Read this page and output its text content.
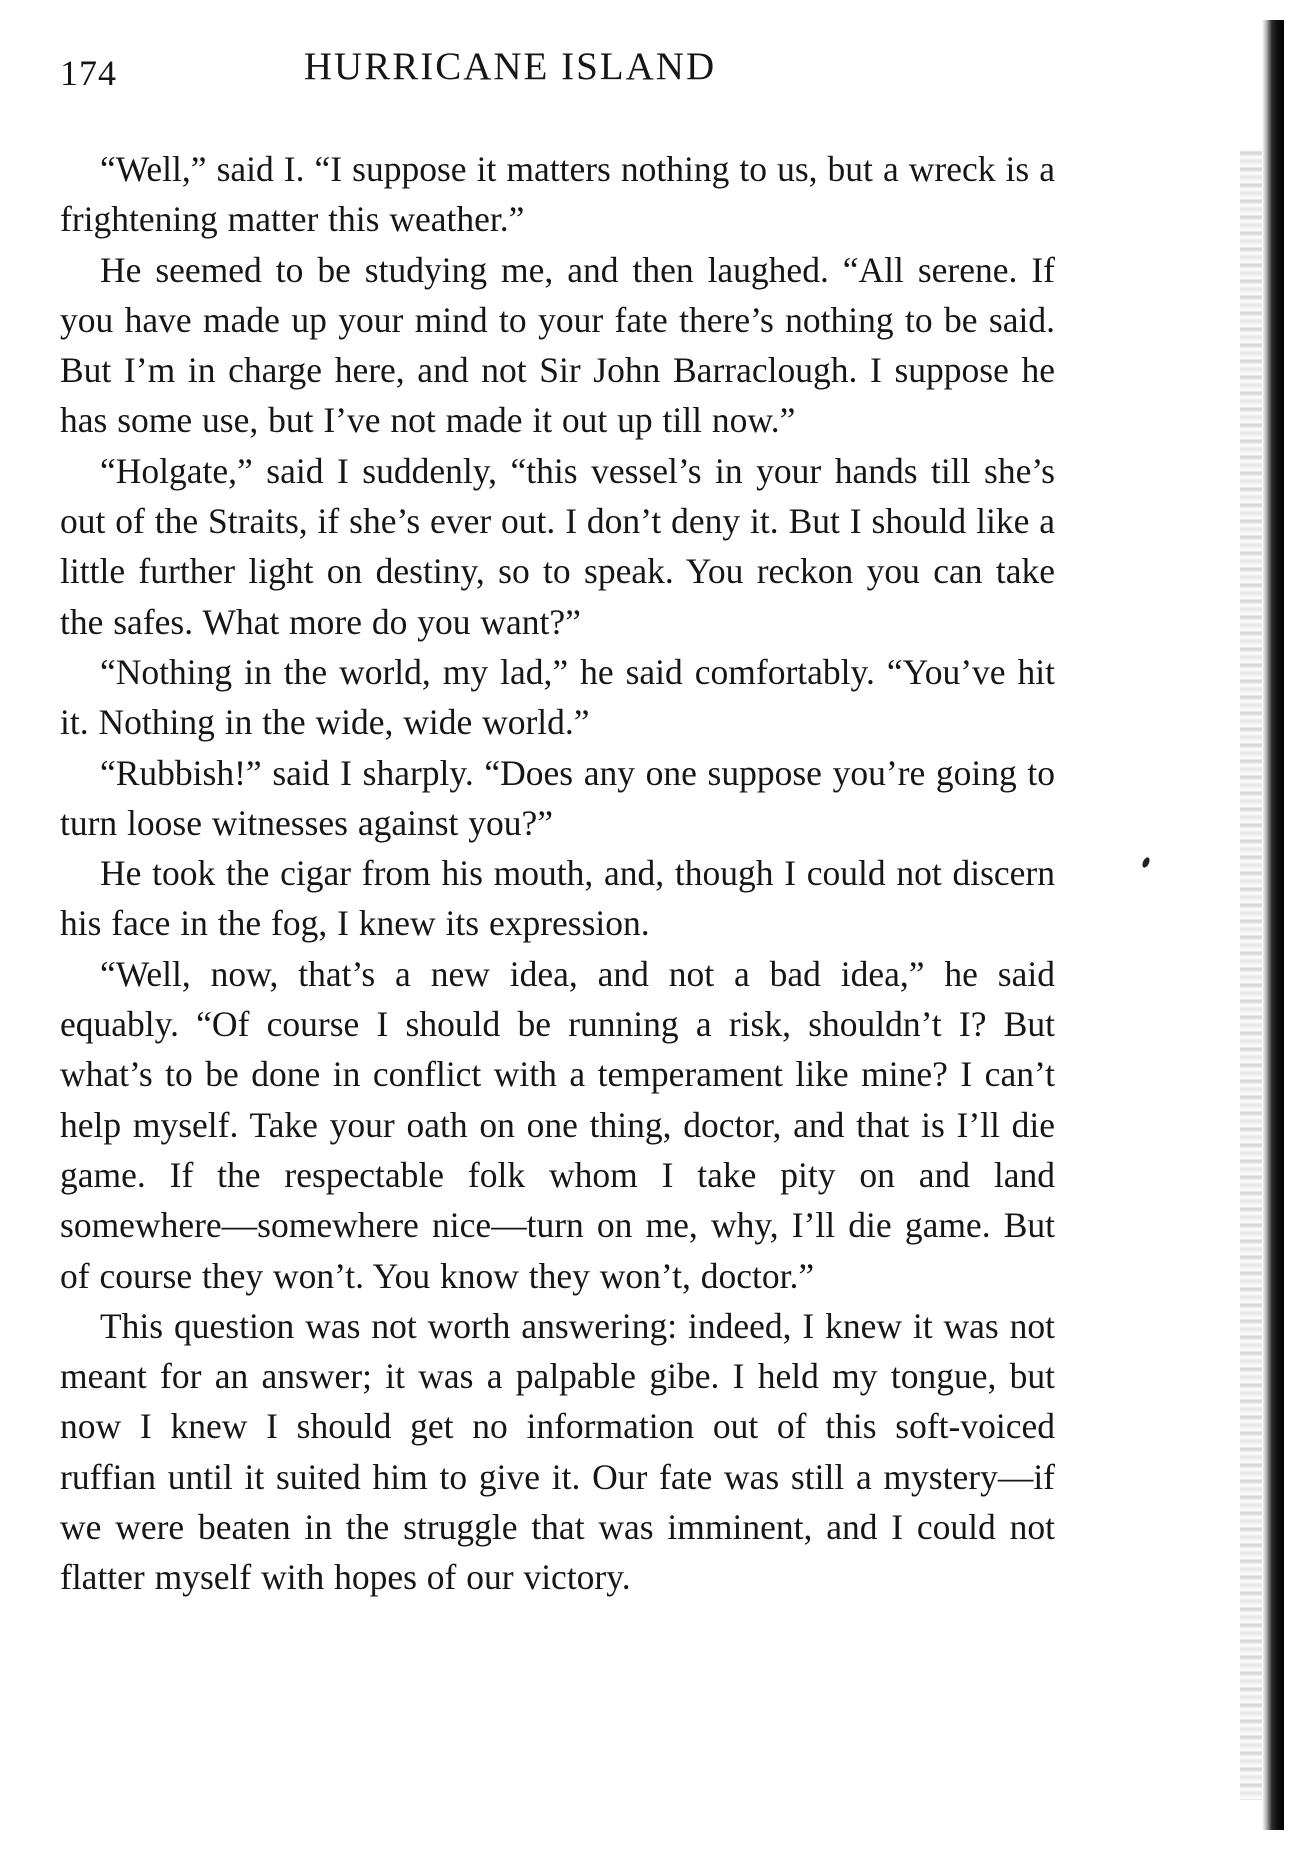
174	HURRICANE ISLAND

“Well,” said I. “I suppose it matters nothing to us, but a wreck is a frightening matter this weather.”

He seemed to be studying me, and then laughed. “All serene. If you have made up your mind to your fate there’s nothing to be said. But I’m in charge here, and not Sir John Barraclough. I suppose he has some use, but I’ve not made it out up till now.”

“Holgate,” said I suddenly, “this vessel’s in your hands till she’s out of the Straits, if she’s ever out. I don’t deny it. But I should like a little further light on destiny, so to speak. You reckon you can take the safes. What more do you want?”

“Nothing in the world, my lad,” he said comfortably. “You’ve hit it. Nothing in the wide, wide world.”

“Rubbish!” said I sharply. “Does any one suppose you’re going to turn loose witnesses against you?”

He took the cigar from his mouth, and, though I could not discern his face in the fog, I knew its expression.

“Well, now, that’s a new idea, and not a bad idea,” he said equably. “Of course I should be running a risk, shouldn’t I? But what’s to be done in conflict with a temperament like mine? I can’t help myself. Take your oath on one thing, doctor, and that is I’ll die game. If the respectable folk whom I take pity on and land somewhere—somewhere nice—turn on me, why, I’ll die game. But of course they won’t. You know they won’t, doctor.”

This question was not worth answering: indeed, I knew it was not meant for an answer; it was a palpable gibe. I held my tongue, but now I knew I should get no information out of this soft-voiced ruffian until it suited him to give it. Our fate was still a mystery—if we were beaten in the struggle that was imminent, and I could not flatter myself with hopes of our victory.
